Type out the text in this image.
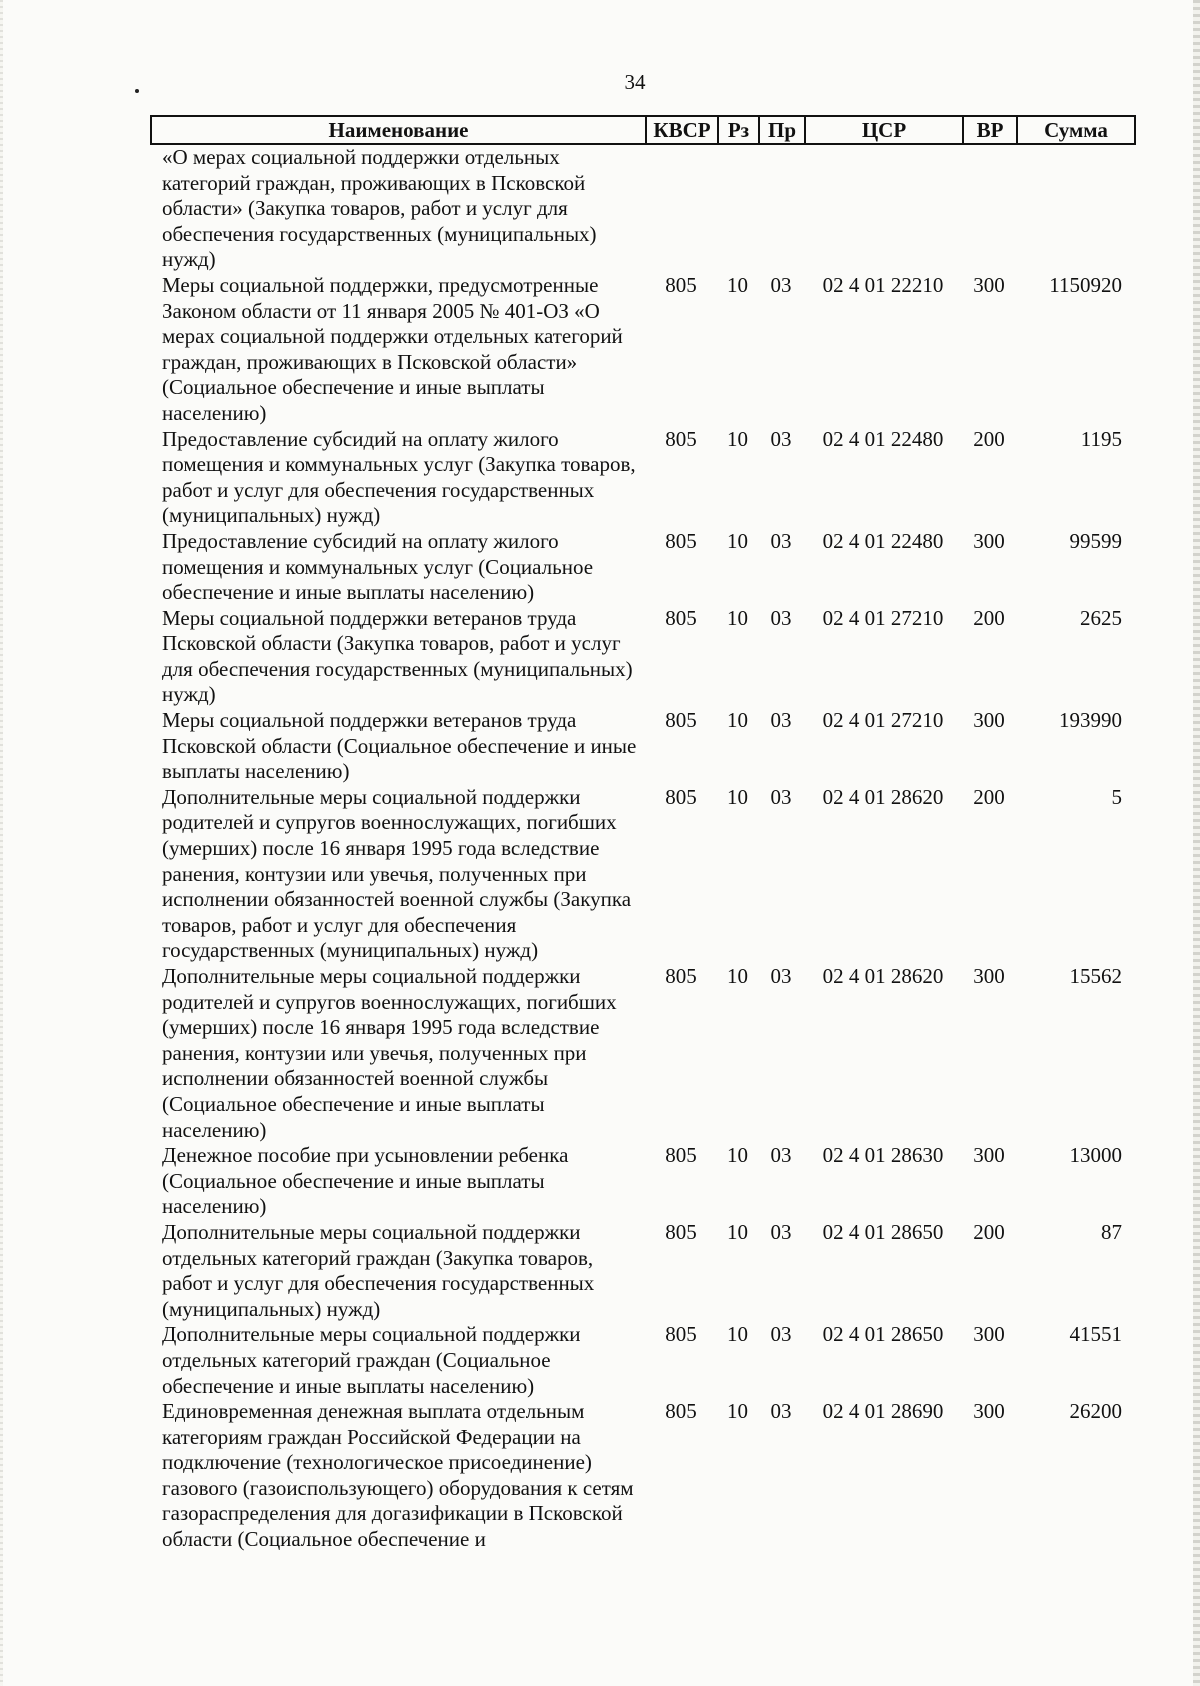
34
Наименование	КВСР	Рз	Пр	ЦСР	ВР	Сумма
«О мерах социальной поддержки отдельных категорий граждан, проживающих в Псковской области» (Закупка товаров, работ и услуг для обеспечения государственных (муниципальных) нужд)						
Меры социальной поддержки, предусмотренные Законом области от 11 января 2005 № 401-ОЗ «О мерах социальной поддержки отдельных категорий граждан, проживающих в Псковской области» (Социальное обеспечение и иные выплаты населению)	805	10	03	02 4 01 22210	300	1150920
Предоставление субсидий на оплату жилого помещения и коммунальных услуг (Закупка товаров, работ и услуг для обеспечения государственных (муниципальных) нужд)	805	10	03	02 4 01 22480	200	1195
Предоставление субсидий на оплату жилого помещения и коммунальных услуг (Социальное обеспечение и иные выплаты населению)	805	10	03	02 4 01 22480	300	99599
Меры социальной поддержки ветеранов труда Псковской области (Закупка товаров, работ и услуг для обеспечения государственных (муниципальных) нужд)	805	10	03	02 4 01 27210	200	2625
Меры социальной поддержки ветеранов труда Псковской области (Социальное обеспечение и иные выплаты населению)	805	10	03	02 4 01 27210	300	193990
Дополнительные меры социальной поддержки родителей и супругов военнослужащих, погибших (умерших) после 16 января 1995 года вследствие ранения, контузии или увечья, полученных при исполнении обязанностей военной службы (Закупка товаров, работ и услуг для обеспечения государственных (муниципальных) нужд)	805	10	03	02 4 01 28620	200	5
Дополнительные меры социальной поддержки родителей и супругов военнослужащих, погибших (умерших) после 16 января 1995 года вследствие ранения, контузии или увечья, полученных при исполнении обязанностей военной службы (Социальное обеспечение и иные выплаты населению)	805	10	03	02 4 01 28620	300	15562
Денежное пособие при усыновлении ребенка (Социальное обеспечение и иные выплаты населению)	805	10	03	02 4 01 28630	300	13000
Дополнительные меры социальной поддержки отдельных категорий граждан (Закупка товаров, работ и услуг для обеспечения государственных (муниципальных) нужд)	805	10	03	02 4 01 28650	200	87
Дополнительные меры социальной поддержки отдельных категорий граждан (Социальное обеспечение и иные выплаты населению)	805	10	03	02 4 01 28650	300	41551
Единовременная денежная выплата отдельным категориям граждан Российской Федерации на подключение (технологическое присоединение) газового (газоиспользующего) оборудования к сетям газораспределения для догазификации в Псковской области (Социальное обеспечение и	805	10	03	02 4 01 28690	300	26200
